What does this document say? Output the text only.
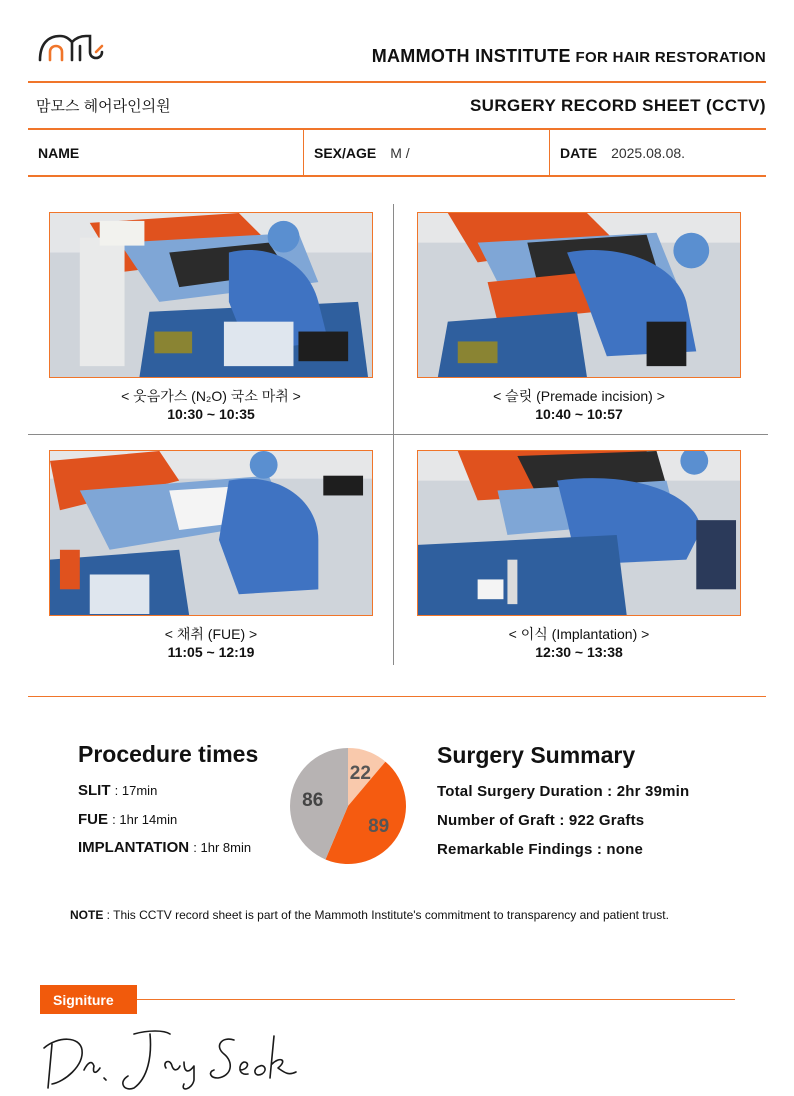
MAMMOTH INSTITUTE FOR HAIR RESTORATION
맘모스 헤어라인의원	SURGERY RECORD SHEET (CCTV)
NAME	SEX/AGE M /	DATE 2025.08.08.
< 웃음가스 (N₂O) 국소 마취 >
10:30 ~ 10:35
< 슬릿 (Premade incision) >
10:40 ~ 10:57
< 채취 (FUE) >
11:05 ~ 12:19
< 이식 (Implantation) >
12:30 ~ 13:38
Procedure times
SLIT : 17min
FUE : 1hr 14min
IMPLANTATION : 1hr 8min
22
89
86
Surgery Summary
Total Surgery Duration : 2hr 39min
Number of Graft : 922 Grafts
Remarkable Findings : none
NOTE : This CCTV record sheet is part of the Mammoth Institute's commitment to transparency and patient trust.
Signiture
